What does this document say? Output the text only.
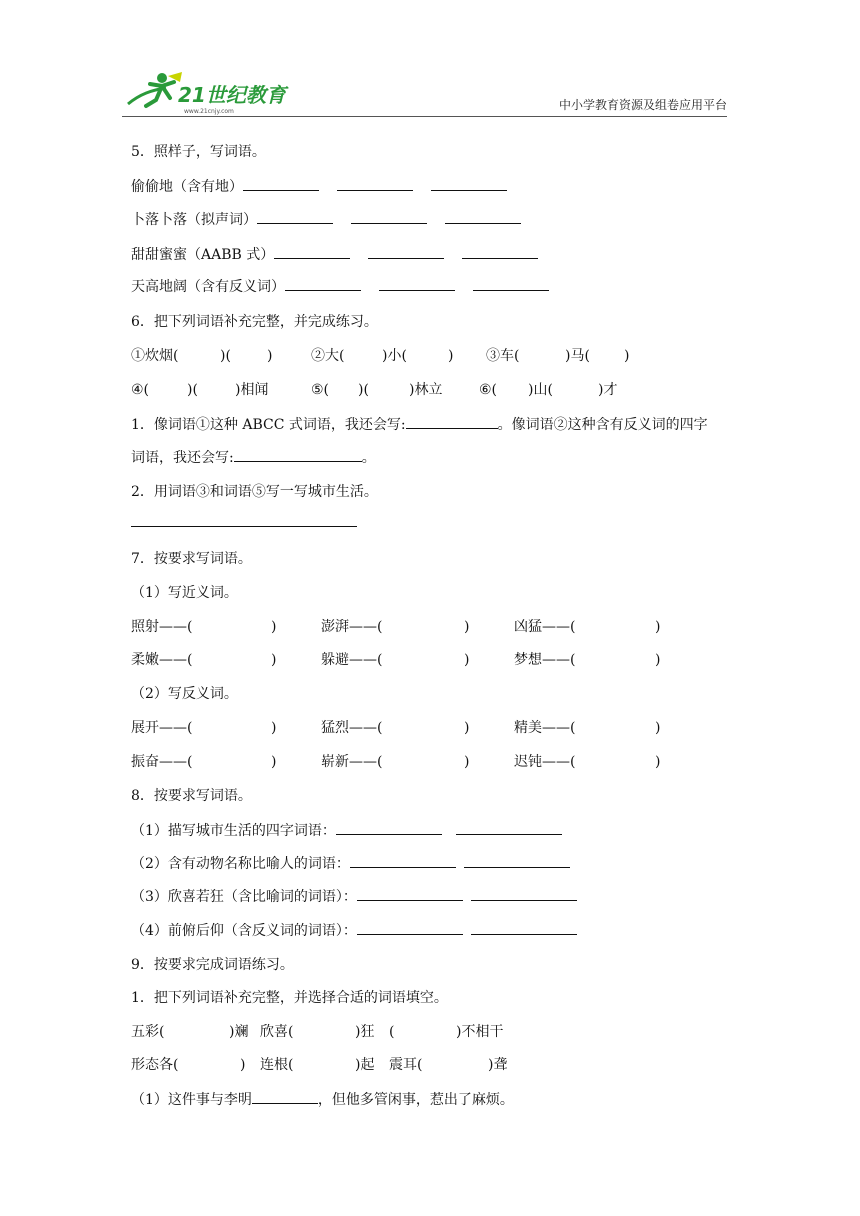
21世纪教育
www.21cnjy.com	中小学教育资源及组卷应用平台
5．照样子，写词语。
偷偷地（含有地）
卜落卜落（拟声词）
甜甜蜜蜜（AABB 式）
天高地阔（含有反义词）
6．把下列词语补充完整，并完成练习。
①炊烟(	)(	)	②大(	)小(	) ③车(	)马( )
④(	)(	)相闻	⑤( )(	)林立	⑥( )山(	)才
1．像词语①这种 ABCC 式词语，我还会写:	。像词语②这种含有反义词的四字
词语，我还会写:	。
2．用词语③和词语⑤写一写城市生活。
7．按要求写词语。
（1）写近义词。
照射——(	)	澎湃——(	)	凶猛——(	)
柔嫩——(	)	躲避——(	)	梦想——(	)
（2）写反义词。
展开——(	)	猛烈——(	)	精美——(	)
振奋——(	)	崭新——(	)	迟钝——(	)
8．按要求写词语。
（1）描写城市生活的四字词语：
（2）含有动物名称比喻人的词语：
（3）欣喜若狂（含比喻词的词语）：
（4）前俯后仰（含反义词的词语）：
9．按要求完成词语练习。
1．把下列词语补充完整，并选择合适的词语填空。
五彩(	)斓 欣喜(	)狂 (	)不相干
形态各(	) 连根(	)起 震耳(	)聋
（1）这件事与李明	，但他多管闲事，惹出了麻烦。
